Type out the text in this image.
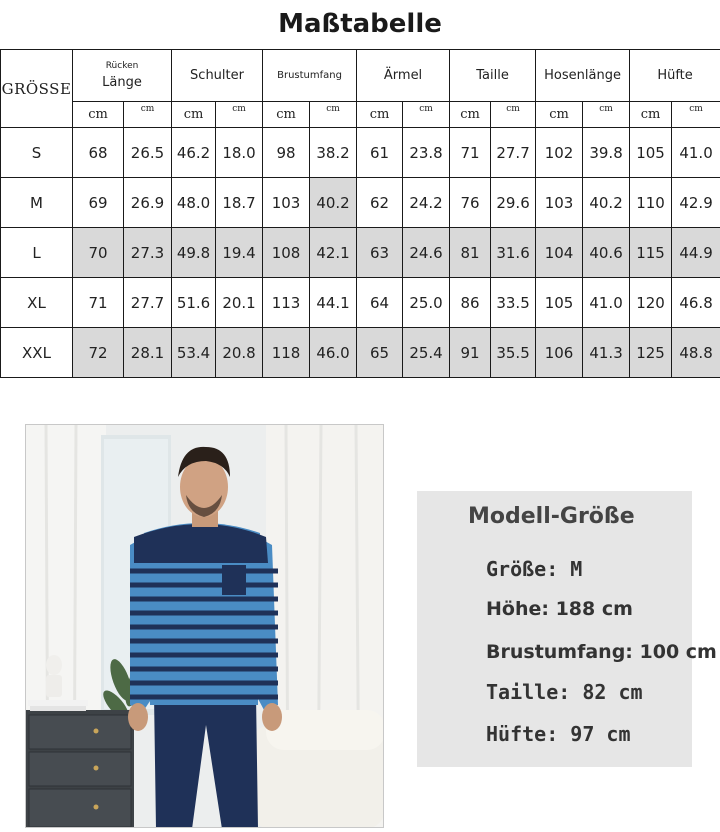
Maßtabelle
GRÖSSE	Rücken
Länge		Schulter		Brustumfang		Ärmel		Taille		Hosenlänge		Hüfte	
	cm	cm	cm	cm	cm	cm	cm	cm	cm	cm	cm	cm	cm	cm
S	68	26.5	46.2	18.0	98	38.2	61	23.8	71	27.7	102	39.8	105	41.0
M	69	26.9	48.0	18.7	103	40.2	62	24.2	76	29.6	103	40.2	110	42.9
L	70	27.3	49.8	19.4	108	42.1	63	24.6	81	31.6	104	40.6	115	44.9
XL	71	27.7	51.6	20.1	113	44.1	64	25.0	86	33.5	105	41.0	120	46.8
XXL	72	28.1	53.4	20.8	118	46.0	65	25.4	91	35.5	106	41.3	125	48.8
Modell-Größe
Größe: M
Höhe: 188 cm
Brustumfang: 100 cm
Taille: 82 cm
Hüfte: 97 cm
